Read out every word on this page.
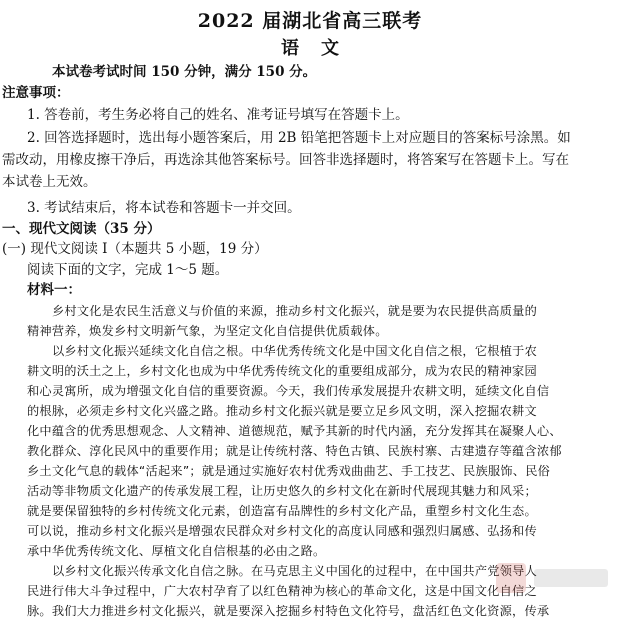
2022 届湖北省高三联考
语文
本试卷考试时间 150 分钟，满分 150 分。
注意事项：
1. 答卷前，考生务必将自己的姓名、准考证号填写在答题卡上。
2. 回答选择题时，选出每小题答案后，用 2B 铅笔把答题卡上对应题目的答案标号涂黑。如
需改动，用橡皮擦干净后，再选涂其他答案标号。回答非选择题时，将答案写在答题卡上。写在
本试卷上无效。
3. 考试结束后，将本试卷和答题卡一并交回。
一、现代文阅读（35 分）
(一) 现代文阅读 Ⅰ（本题共 5 小题，19 分）
阅读下面的文字，完成 1～5 题。
材料一：
乡村文化是农民生活意义与价值的来源，推动乡村文化振兴，就是要为农民提供高质量的
精神营养，焕发乡村文明新气象，为坚定文化自信提供优质载体。
以乡村文化振兴延续文化自信之根。中华优秀传统文化是中国文化自信之根，它根植于农
耕文明的沃土之上，乡村文化也成为中华优秀传统文化的重要组成部分，成为农民的精神家园
和心灵寓所，成为增强文化自信的重要资源。今天，我们传承发展提升农耕文明，延续文化自信
的根脉，必须走乡村文化兴盛之路。推动乡村文化振兴就是要立足乡风文明，深入挖掘农耕文
化中蕴含的优秀思想观念、人文精神、道德规范，赋予其新的时代内涵，充分发挥其在凝聚人心、
教化群众、淳化民风中的重要作用；就是让传统村落、特色古镇、民族村寨、古建遗存等蕴含浓郁
乡土文化气息的载体“活起来”；就是通过实施好农村优秀戏曲曲艺、手工技艺、民族服饰、民俗
活动等非物质文化遗产的传承发展工程，让历史悠久的乡村文化在新时代展现其魅力和风采；
就是要保留独特的乡村传统文化元素，创造富有品牌性的乡村文化产品，重塑乡村文化生态。
可以说，推动乡村文化振兴是增强农民群众对乡村文化的高度认同感和强烈归属感、弘扬和传
承中华优秀传统文化、厚植文化自信根基的必由之路。
以乡村文化振兴传承文化自信之脉。在马克思主义中国化的过程中，在中国共产党领导人
民进行伟大斗争过程中，广大农村孕育了以红色精神为核心的革命文化，这是中国文化自信之
脉。我们大力推进乡村文化振兴，就是要深入挖掘乡村特色文化符号，盘活红色文化资源，传承
